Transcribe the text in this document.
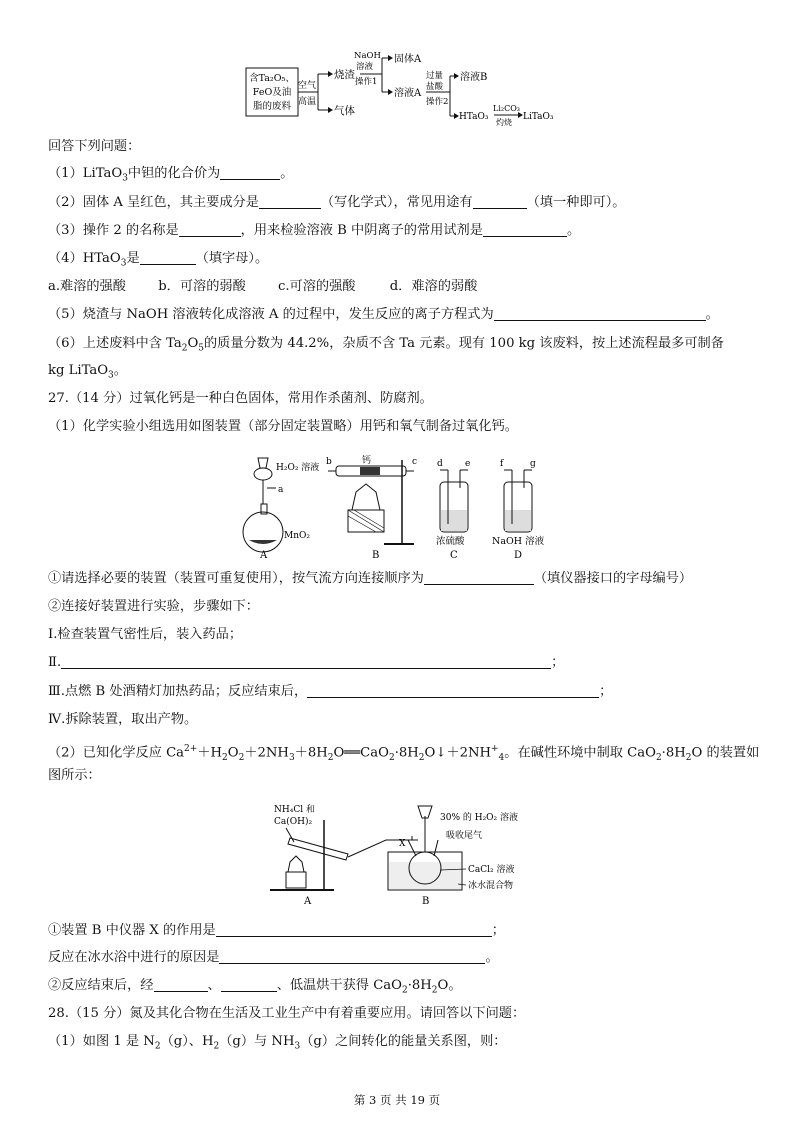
含Ta₂O₅、
FeO及油
脂的废料
空气
高温
烧渣
气体
NaOH
溶液
操作1
固体A
溶液A
过量
盐酸
操作2
溶液B
HTaO₃
Li₂CO₃
灼烧
LiTaO₃
回答下列问题：
（1）LiTaO$_3$中钽的化合价为	。
（2）固体 A 呈红色，其主要成分是	（写化学式），常见用途有	（填一种即可）。
（3）操作 2 的名称是	，用来检验溶液 B 中阴离子的常用试剂是	。
（4）HTaO$_3$是	（填字母）。
a.难溶的强酸 b．可溶的弱酸 c.可溶的强酸	d．难溶的弱酸
（5）烧渣与 NaOH 溶液转化成溶液 A 的过程中，发生反应的离子方程式为	。
（6）上述废料中含 $Ta_2O_5$的质量分数为 44.2%，杂质不含 Ta 元素。现有 100 kg 该废料，按上述流程最多可制备
kg LiTaO$_3$。
27.（14 分）过氧化钙是一种白色固体，常用作杀菌剂、防腐剂。
（1）化学实验小组选用如图装置（部分固定装置略）用钙和氧气制备过氧化钙。
H₂O₂ 溶液
a
MnO₂
A
b	钙	c
B
d e
浓硫酸
C
f	g
NaOH 溶液
D
①请选择必要的装置（装置可重复使用），按气流方向连接顺序为	（填仪器接口的字母编号）
②连接好装置进行实验，步骤如下：
Ⅰ.检查装置气密性后，装入药品；
Ⅱ.	；
Ⅲ.点燃 B 处酒精灯加热药品；反应结束后，	；
Ⅳ.拆除装置，取出产物。
（2）已知化学反应 $Ca^{2+}+H_2O_2+2NH_3+8H_2O══CaO_2\cdot 8H_2O↓+2NH^+_4$。在碱性环境中制取 $CaO_2\cdot 8H_2O$ 的装置如
图所示：
NH₄Cl 和
Ca(OH)₂
A
30% 的 H₂O₂ 溶液
X
吸收尾气
CaCl₂ 溶液
冰水混合物
B
①装置 B 中仪器 X 的作用是	；
反应在冰水浴中进行的原因是	。
②反应结束后，经	、	、低温烘干获得 $CaO_2\cdot 8H_2O$。
28.（15 分）氮及其化合物在生活及工业生产中有着重要应用。请回答以下问题：
（1）如图 1 是 $N_2(g)$、$H_2(g)$与 $NH_3(g)$之间转化的能量关系图，则：
第 3 页 共 19 页
